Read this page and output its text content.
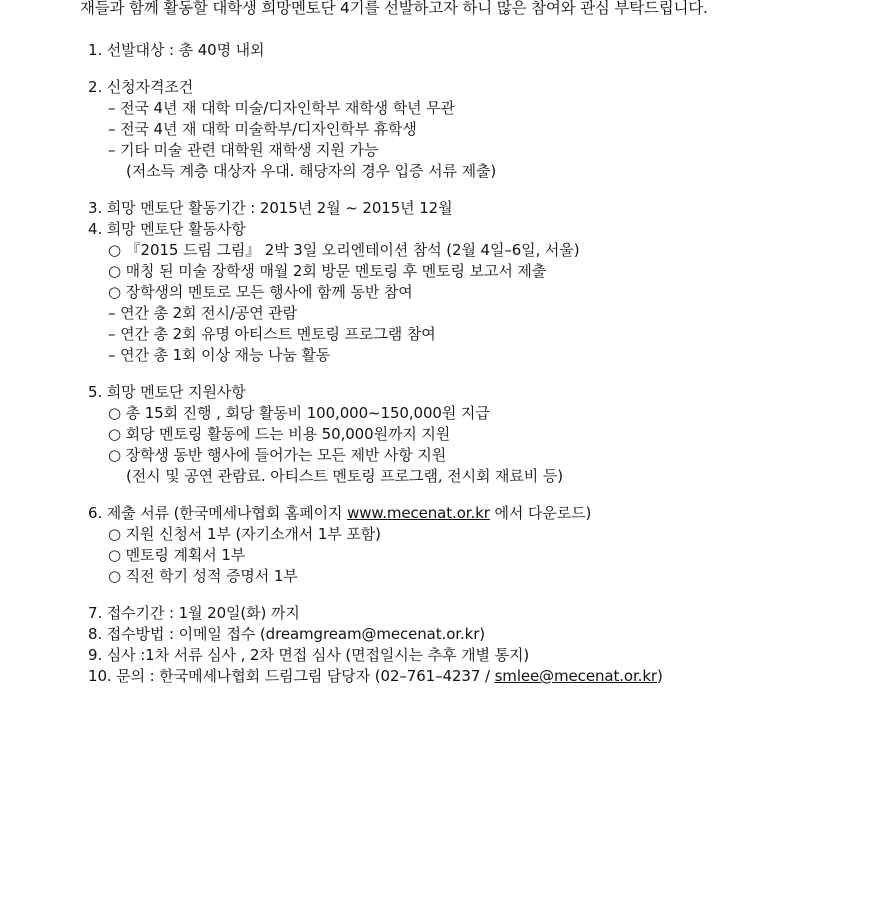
재들과 함께 활동할 대학생 희망멘토단 4기를 선발하고자 하니 많은 참여와 관심 부탁드립니다.
1. 선발대상 : 총 40명 내외
2. 신청자격조건
– 전국 4년 재 대학 미술/디자인학부 재학생 학년 무관
– 전국 4년 재 대학 미술학부/디자인학부 휴학생
– 기타 미술 관련 대학원 재학생 지원 가능
(저소득 계층 대상자 우대. 해당자의 경우 입증 서류 제출)
3. 희망 멘토단 활동기간 : 2015년 2월 ~ 2015년 12월
4. 희망 멘토단 활동사항
○ 『2015 드림 그림』 2박 3일 오리엔테이션 참석 (2월 4일–6일, 서울)
○ 매칭 된 미술 장학생 매월 2회 방문 멘토링 후 멘토링 보고서 제출
○ 장학생의 멘토로 모든 행사에 함께 동반 참여
– 연간 총 2회 전시/공연 관람
– 연간 총 2회 유명 아티스트 멘토링 프로그램 참여
– 연간 총 1회 이상 재능 나눔 활동
5. 희망 멘토단 지원사항
○ 총 15회 진행 , 회당 활동비 100,000~150,000원 지급
○ 회당 멘토링 활동에 드는 비용 50,000원까지 지원
○ 장학생 동반 행사에 들어가는 모든 제반 사항 지원
(전시 및 공연 관람료. 아티스트 멘토링 프로그램, 전시회 재료비 등)
6. 제출 서류 (한국메세나협회 홈페이지 www.mecenat.or.kr 에서 다운로드)
○ 지원 신청서 1부 (자기소개서 1부 포함)
○ 멘토링 계획서 1부
○ 직전 학기 성적 증명서 1부
7. 접수기간 : 1월 20일(화) 까지
8. 접수방법 : 이메일 접수 (dreamgream@mecenat.or.kr)
9. 심사 :1차 서류 심사 , 2차 면접 심사 (면접일시는 추후 개별 통지)
10. 문의 : 한국메세나협회 드림그림 담당자 (02–761–4237 / smlee@mecenat.or.kr)
